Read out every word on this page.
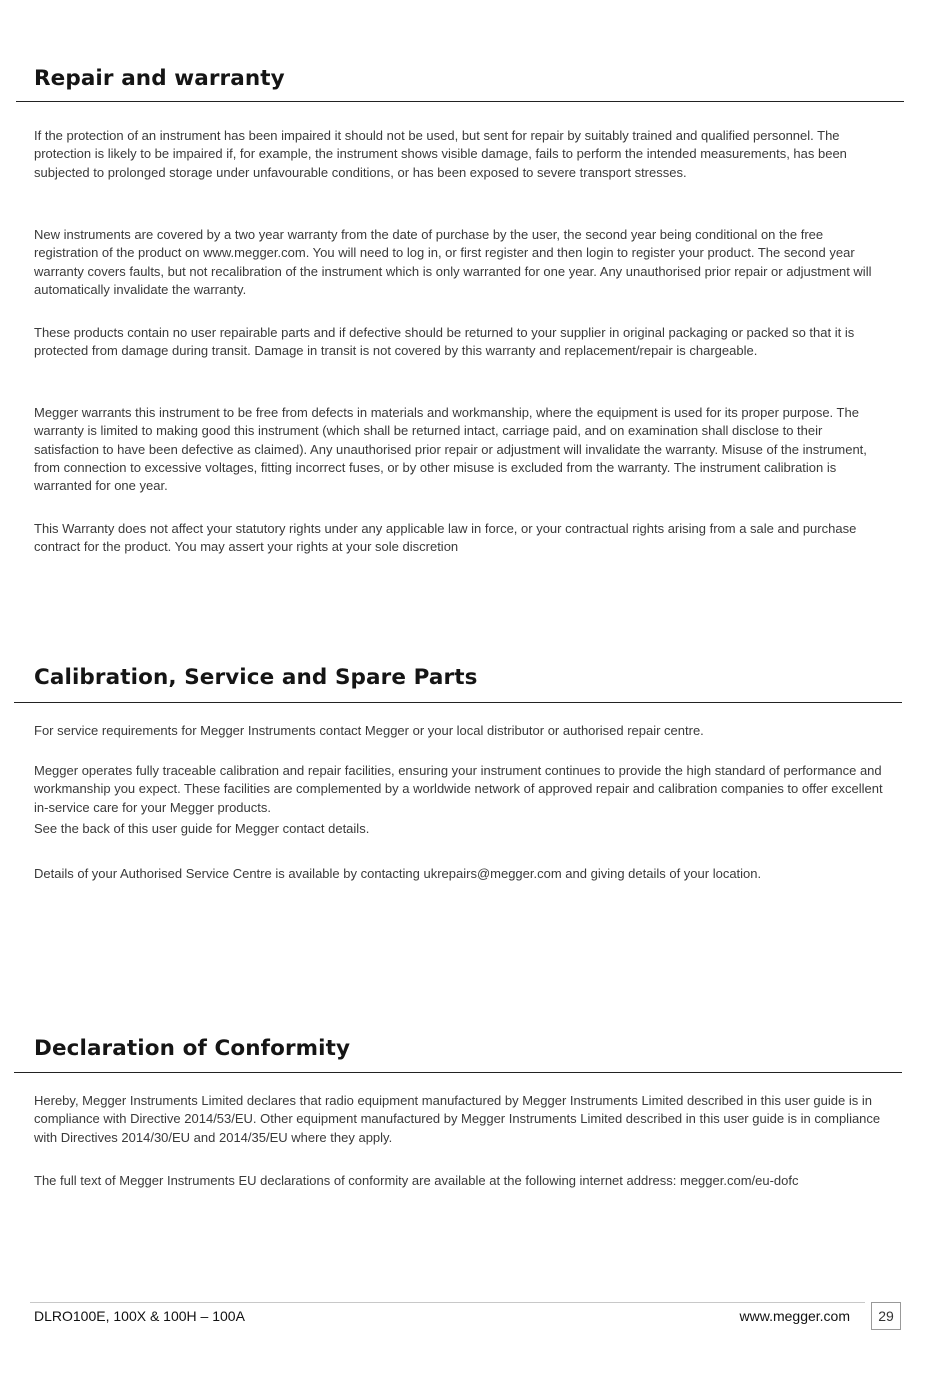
Repair and warranty

If the protection of an instrument has been impaired it should not be used, but sent for repair by suitably trained and qualified personnel. The protection is likely to be impaired if, for example, the instrument shows visible damage, fails to perform the intended measurements, has been subjected to prolonged storage under unfavourable conditions, or has been exposed to severe transport stresses.

New instruments are covered by a two year warranty from the date of purchase by the user, the second year being conditional on the free registration of the product on www.megger.com. You will need to log in, or first register and then login to register your product. The second year warranty covers faults, but not recalibration of the instrument which is only warranted for one year. Any unauthorised prior repair or adjustment will automatically invalidate the warranty.

These products contain no user repairable parts and if defective should be returned to your supplier in original packaging or packed so that it is protected from damage during transit. Damage in transit is not covered by this warranty and replacement/repair is chargeable.

Megger warrants this instrument to be free from defects in materials and workmanship, where the equipment is used for its proper purpose. The warranty is limited to making good this instrument (which shall be returned intact, carriage paid, and on examination shall disclose to their satisfaction to have been defective as claimed). Any unauthorised prior repair or adjustment will invalidate the warranty. Misuse of the instrument, from connection to excessive voltages, fitting incorrect fuses, or by other misuse is excluded from the warranty. The instrument calibration is warranted for one year.

This Warranty does not affect your statutory rights under any applicable law in force, or your contractual rights arising from a sale and purchase contract for the product. You may assert your rights at your sole discretion

Calibration, Service and Spare Parts

For service requirements for Megger Instruments contact Megger or your local distributor or authorised repair centre.

Megger operates fully traceable calibration and repair facilities, ensuring your instrument continues to provide the high standard of performance and workmanship you expect. These facilities are complemented by a worldwide network of approved repair and calibration companies to offer excellent in-service care for your Megger products.

See the back of this user guide for Megger contact details.

Details of your Authorised Service Centre is available by contacting ukrepairs@megger.com and giving details of your location.

Declaration of Conformity

Hereby, Megger Instruments Limited declares that radio equipment manufactured by Megger Instruments Limited described in this user guide is in compliance with Directive 2014/53/EU. Other equipment manufactured by Megger Instruments Limited described in this user guide is in compliance with Directives 2014/30/EU and 2014/35/EU where they apply.

The full text of Megger Instruments EU declarations of conformity are available at the following internet address: megger.com/eu-dofc

DLRO100E, 100X & 100H – 100A	www.megger.com	29
